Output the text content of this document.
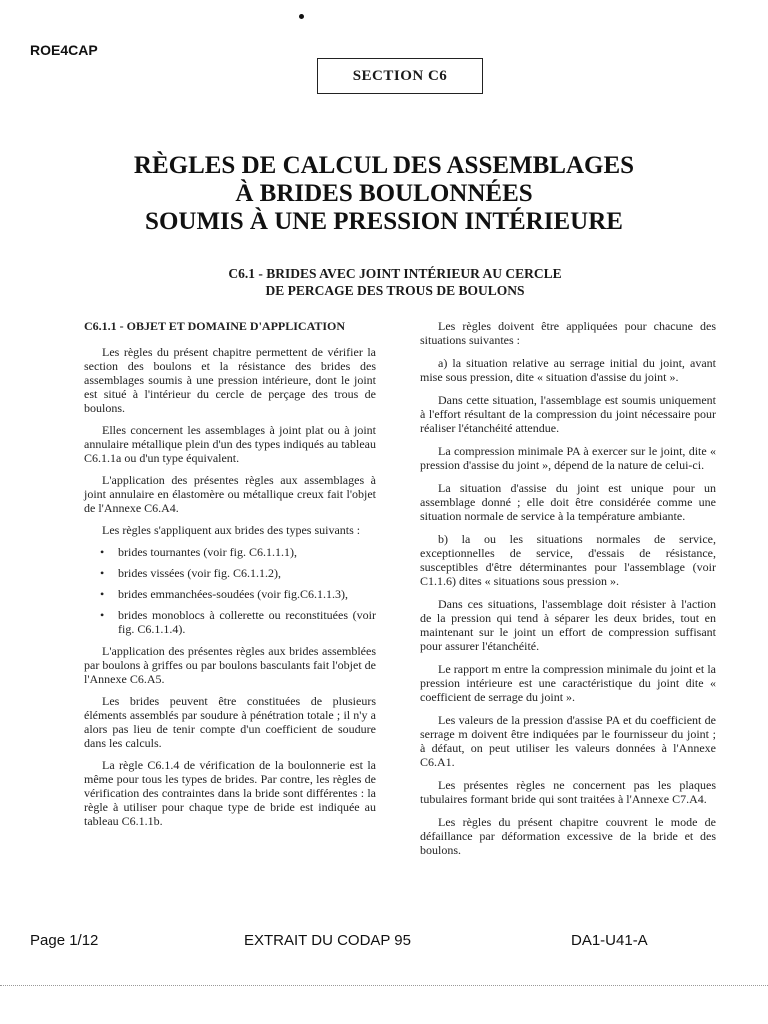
ROE4CAP
SECTION C6
RÈGLES DE CALCUL DES ASSEMBLAGES
À BRIDES BOULONNÉES
SOUMIS À UNE PRESSION INTÉRIEURE
C6.1 - BRIDES AVEC JOINT INTÉRIEUR AU CERCLE
DE PERCAGE DES TROUS DE BOULONS
C6.1.1 - OBJET ET DOMAINE D'APPLICATION

Les règles du présent chapitre permettent de vérifier la section des boulons et la résistance des brides des assemblages soumis à une pression intérieure, dont le joint est situé à l'intérieur du cercle de perçage des trous de boulons.

Elles concernent les assemblages à joint plat ou à joint annulaire métallique plein d'un des types indiqués au tableau C6.1.1a ou d'un type équivalent.

L'application des présentes règles aux assemblages à joint annulaire en élastomère ou métallique creux fait l'objet de l'Annexe C6.A4.

Les règles s'appliquent aux brides des types suivants :

• brides tournantes (voir fig. C6.1.1.1),
• brides vissées (voir fig. C6.1.1.2),
• brides emmanchées-soudées (voir fig.C6.1.1.3),
• brides monoblocs à collerette ou reconstituées (voir fig. C6.1.1.4).

L'application des présentes règles aux brides assemblées par boulons à griffes ou par boulons basculants fait l'objet de l'Annexe C6.A5.

Les brides peuvent être constituées de plusieurs éléments assemblés par soudure à pénétration totale ; il n'y a alors pas lieu de tenir compte d'un coefficient de soudure dans les calculs.

La règle C6.1.4 de vérification de la boulonnerie est la même pour tous les types de brides. Par contre, les règles de vérification des contraintes dans la bride sont différentes : la règle à utiliser pour chaque type de bride est indiquée au tableau C6.1.1b.

Les règles doivent être appliquées pour chacune des situations suivantes :

a) la situation relative au serrage initial du joint, avant mise sous pression, dite « situation d'assise du joint ».

Dans cette situation, l'assemblage est soumis uniquement à l'effort résultant de la compression du joint nécessaire pour réaliser l'étanchéité attendue.

La compression minimale PA à exercer sur le joint, dite « pression d'assise du joint », dépend de la nature de celui-ci.

La situation d'assise du joint est unique pour un assemblage donné ; elle doit être considérée comme une situation normale de service à la température ambiante.

b) la ou les situations normales de service, exceptionnelles de service, d'essais de résistance, susceptibles d'être déterminantes pour l'assemblage (voir C1.1.6) dites « situations sous pression ».

Dans ces situations, l'assemblage doit résister à l'action de la pression qui tend à séparer les deux brides, tout en maintenant sur le joint un effort de compression suffisant pour assurer l'étanchéité.

Le rapport m entre la compression minimale du joint et la pression intérieure est une caractéristique du joint dite « coefficient de serrage du joint ».

Les valeurs de la pression d'assise PA et du coefficient de serrage m doivent être indiquées par le fournisseur du joint ; à défaut, on peut utiliser les valeurs données à l'Annexe C6.A1.

Les présentes règles ne concernent pas les plaques tubulaires formant bride qui sont traitées à l'Annexe C7.A4.

Les règles du présent chapitre couvrent le mode de défaillance par déformation excessive de la bride et des boulons.

Page 1/12	EXTRAIT DU CODAP 95	DA1-U41-A
